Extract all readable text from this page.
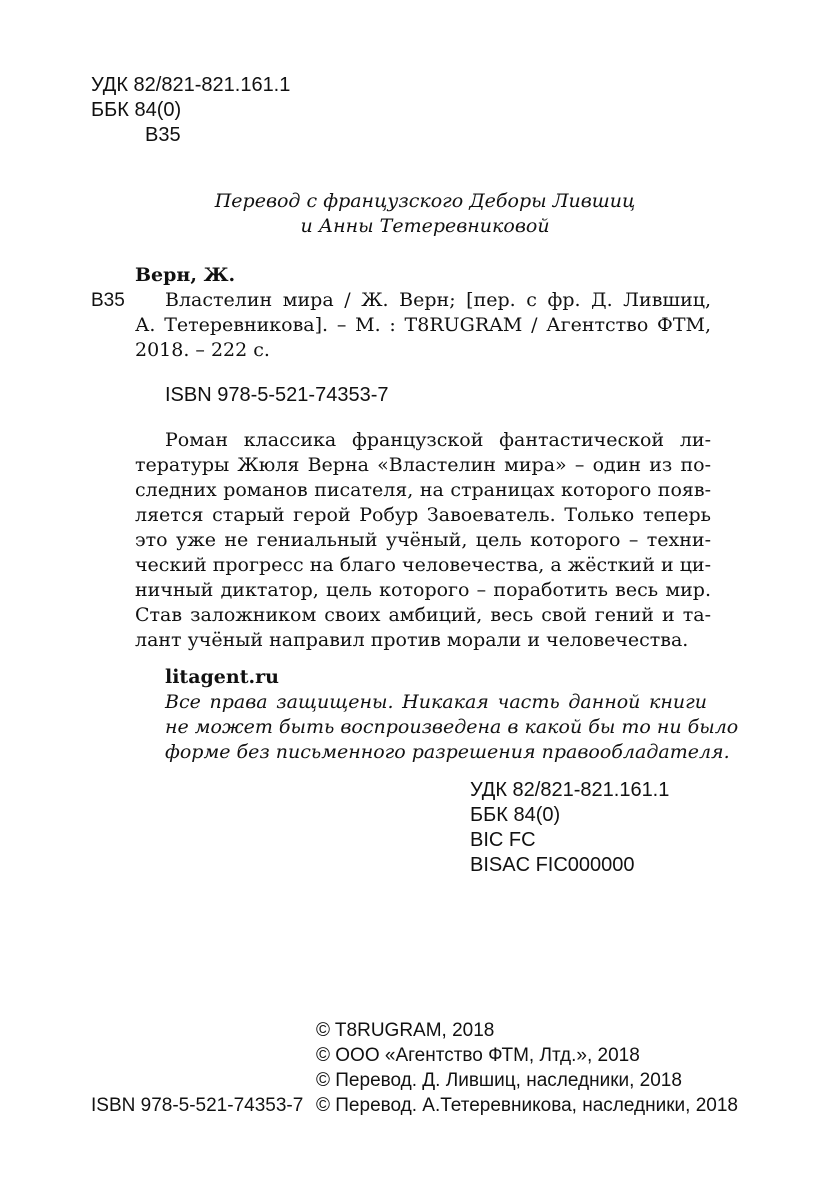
УДК 82/821-821.161.1
ББК 84(0)
В35
Перевод с французского Деборы Лившиц
и Анны Тетеревниковой
Верн, Ж.
В35 Властелин мира / Ж. Верн; [пер. с фр. Д. Лившиц,
А. Тетеревникова]. – М. : T8RUGRAM / Агентство ФТМ,
2018. – 222 с.
ISBN 978-5-521-74353-7
Роман классика французской фантастической ли-
тературы Жюля Верна «Властелин мира» – один из по-
следних романов писателя, на страницах которого появ-
ляется старый герой Робур Завоеватель. Только теперь
это уже не гениальный учёный, цель которого – техни-
ческий прогресс на благо человечества, а жёсткий и ци-
ничный диктатор, цель которого – поработить весь мир.
Став заложником своих амбиций, весь свой гений и та-
лант учёный направил против морали и человечества.
litagent.ru
Все права защищены. Никакая часть данной книги
не может быть воспроизведена в какой бы то ни было
форме без письменного разрешения правообладателя.
УДК 82/821-821.161.1
ББК 84(0)
BIC FC
BISAC FIC000000
© T8RUGRAM, 2018
© ООО «Агентство ФТМ, Лтд.», 2018
© Перевод. Д. Лившиц, наследники, 2018
© Перевод. А.Тетеревникова, наследники, 2018
ISBN 978-5-521-74353-7
